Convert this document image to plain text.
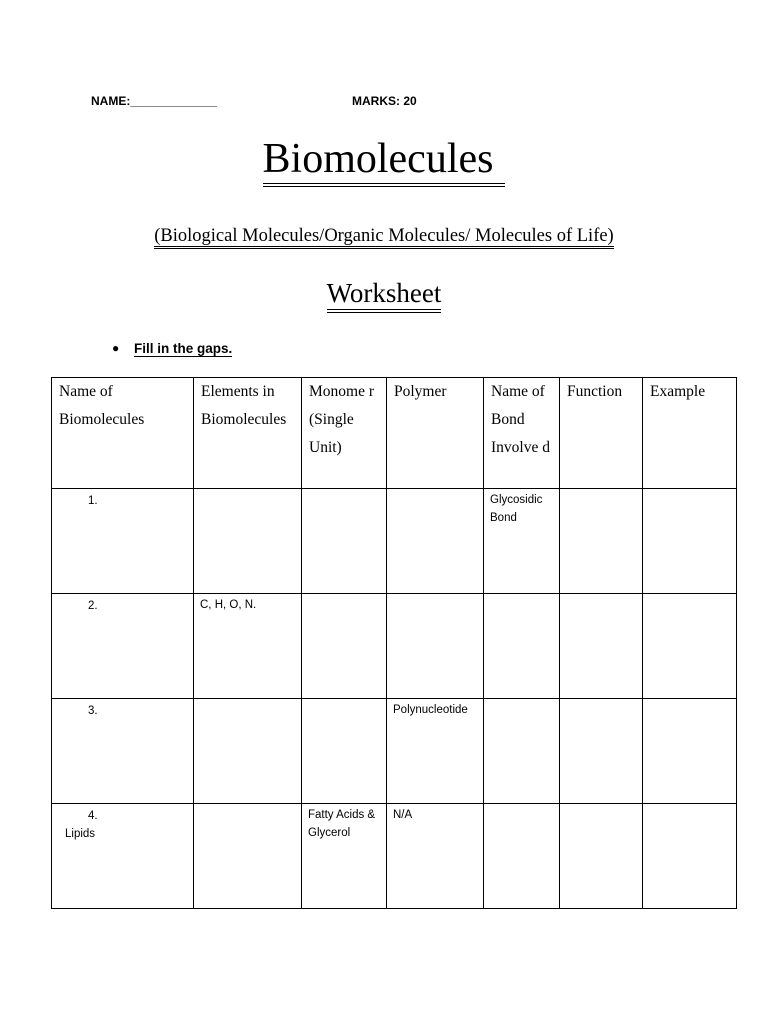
NAME:_____________	MARKS: 20
Biomolecules
(Biological Molecules/Organic Molecules/ Molecules of Life)
Worksheet
● Fill in the gaps.
Name of Biomolecules	Elements in Biomolecules	Monome r (Single Unit)	Polymer	Name of Bond Involve d	Function	Example

1.				Glycosidic Bond		

2.	C, H, O, N.					

3.			Polynucleotide			

4.
Lipids		Fatty Acids & Glycerol	N/A			
